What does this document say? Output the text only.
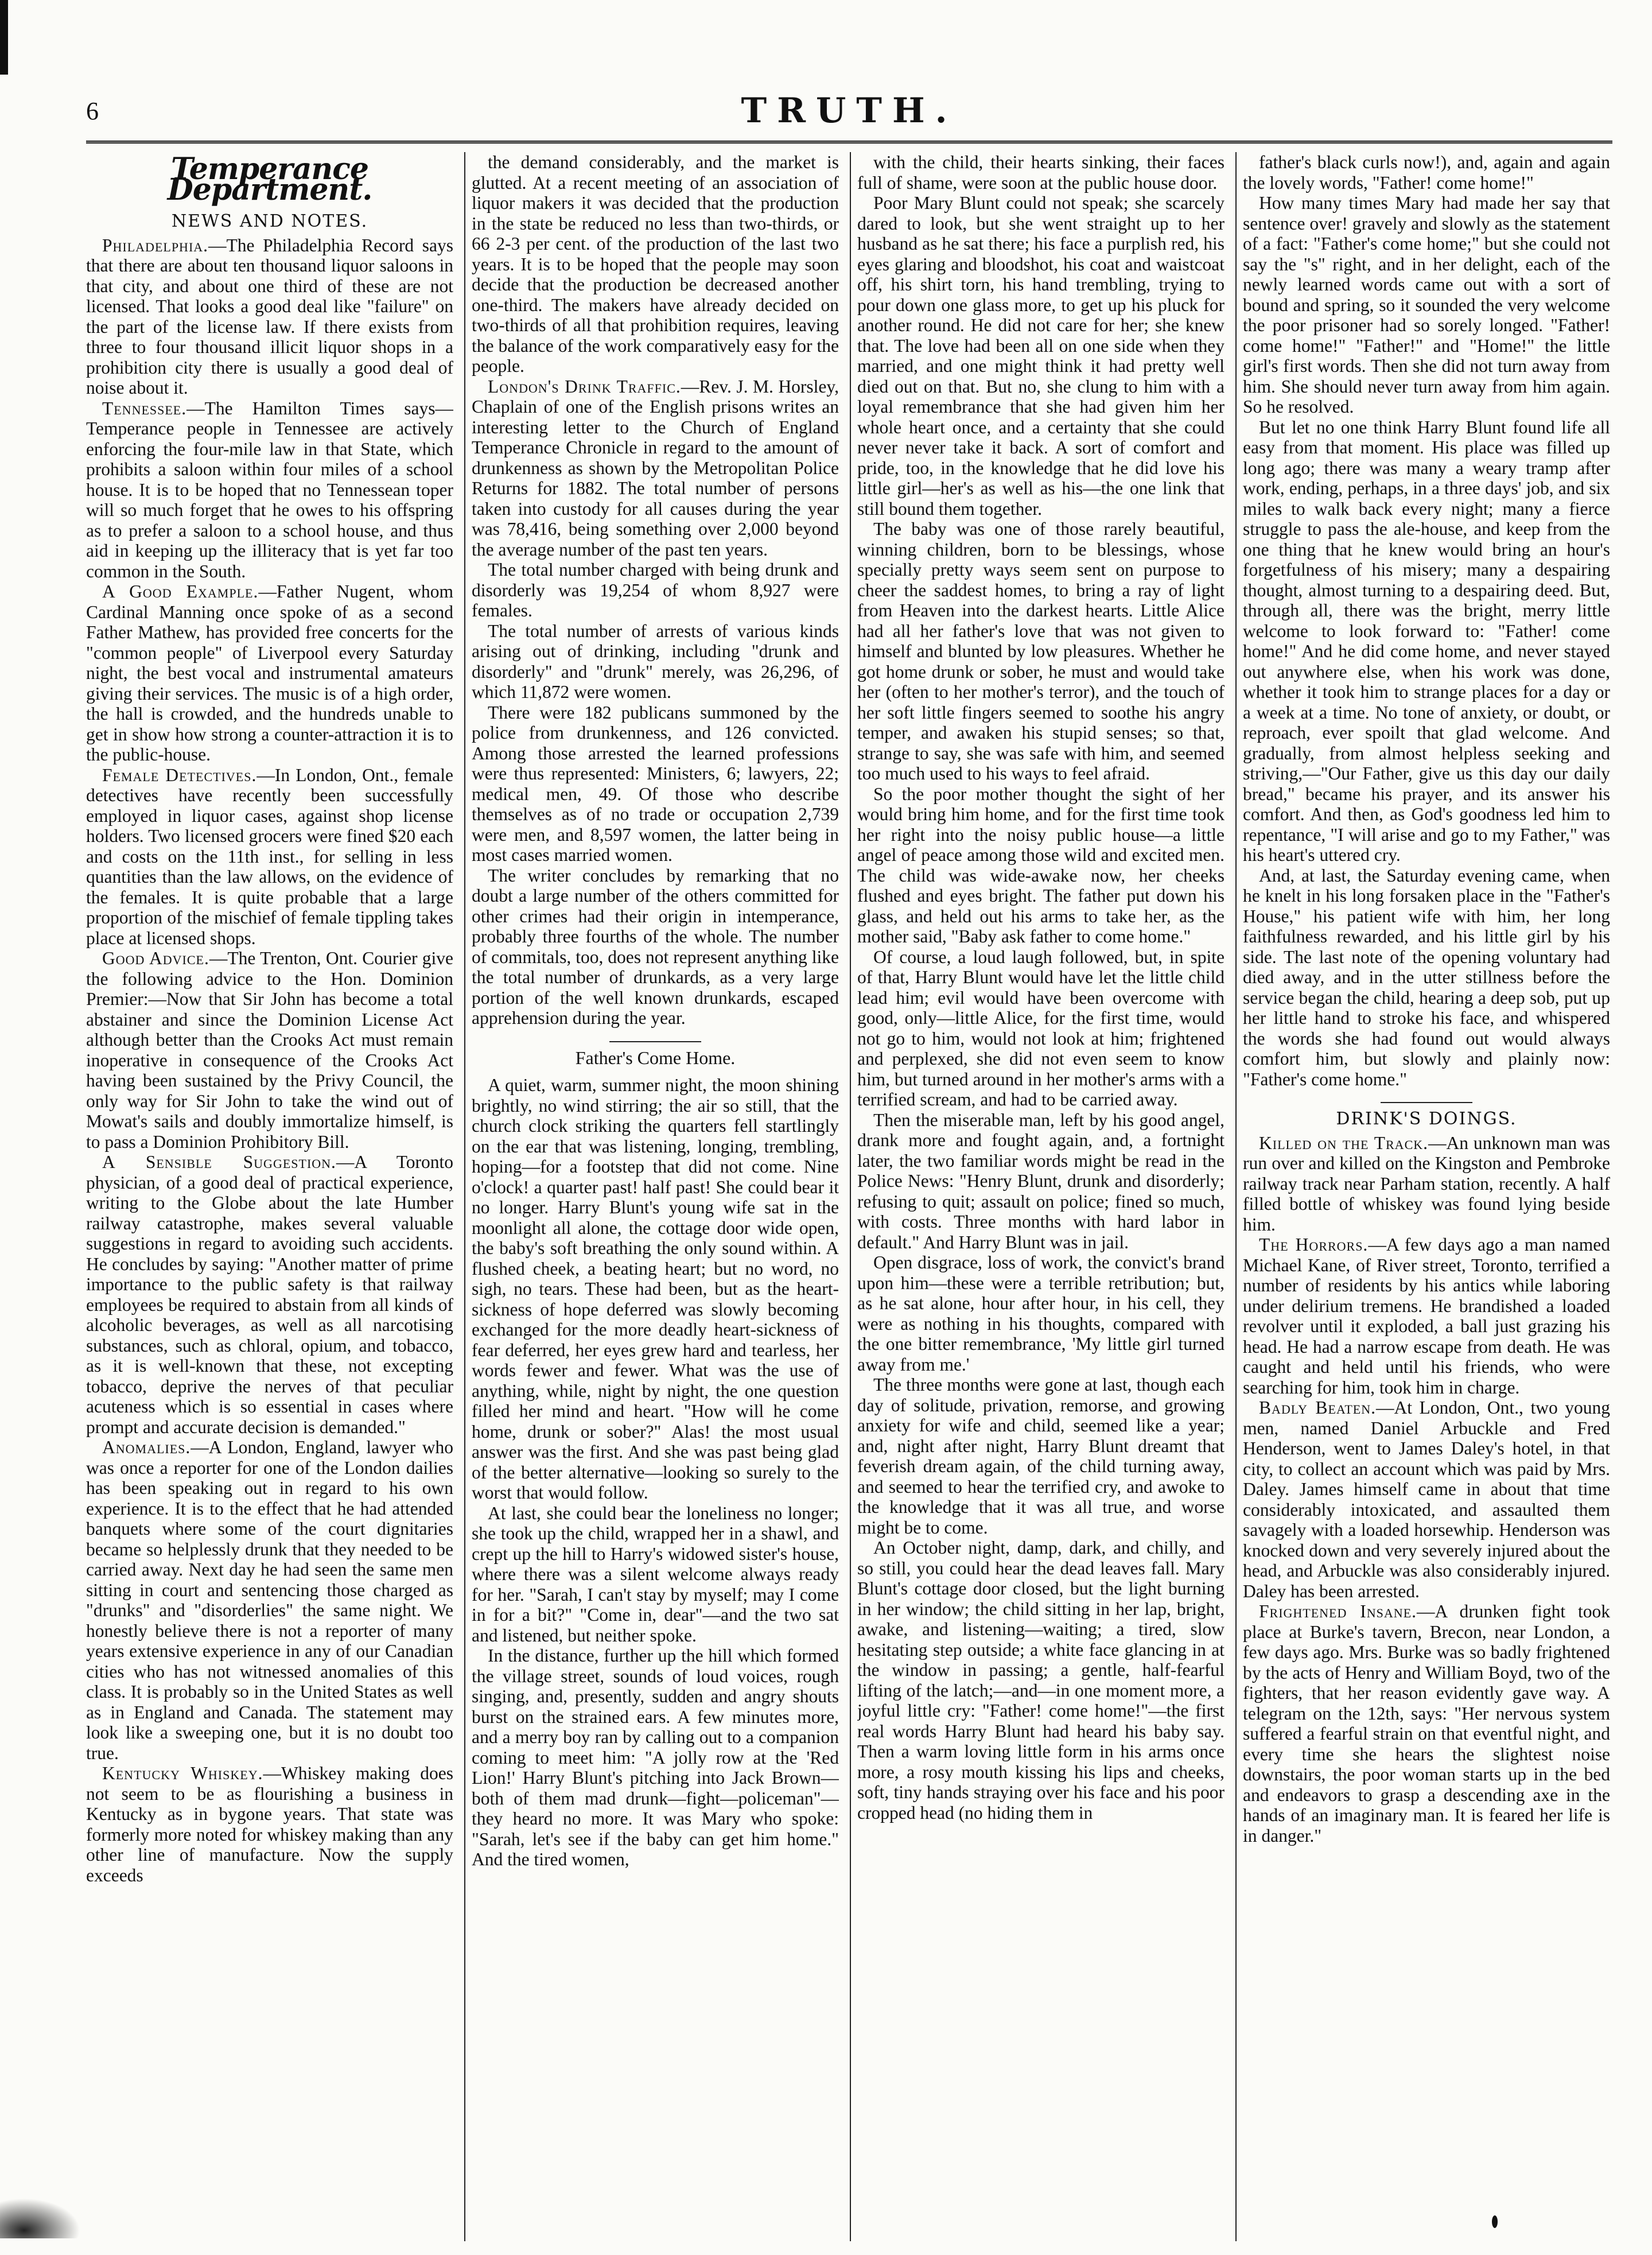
6	TRUTH.
Temperance Department.
NEWS AND NOTES.

Philadelphia.—The Philadelphia Record says that there are about ten thousand liquor saloons in that city, and about one third of these are not licensed. That looks a good deal like "failure" on the part of the license law. If there exists from three to four thousand illicit liquor shops in a prohibition city there is usually a good deal of noise about it.

Tennessee.—The Hamilton Times says—Temperance people in Tennessee are actively enforcing the four-mile law in that State, which prohibits a saloon within four miles of a school house. It is to be hoped that no Tennessean toper will so much forget that he owes to his offspring as to prefer a saloon to a school house, and thus aid in keeping up the illiteracy that is yet far too common in the South.

A Good Example.—Father Nugent, whom Cardinal Manning once spoke of as a second Father Mathew, has provided free concerts for the "common people" of Liverpool every Saturday night, the best vocal and instrumental amateurs giving their services. The music is of a high order, the hall is crowded, and the hundreds unable to get in show how strong a counter-attraction it is to the public-house.

Female Detectives.—In London, Ont., female detectives have recently been successfully employed in liquor cases, against shop license holders. Two licensed grocers were fined $20 each and costs on the 11th inst., for selling in less quantities than the law allows, on the evidence of the females. It is quite probable that a large proportion of the mischief of female tippling takes place at licensed shops.

Good Advice.—The Trenton, Ont. Courier give the following advice to the Hon. Dominion Premier:—Now that Sir John has become a total abstainer and since the Dominion License Act although better than the Crooks Act must remain inoperative in consequence of the Crooks Act having been sustained by the Privy Council, the only way for Sir John to take the wind out of Mowat's sails and doubly immortalize himself, is to pass a Dominion Prohibitory Bill.

A Sensible Suggestion.—A Toronto physician, of a good deal of practical experience, writing to the Globe about the late Humber railway catastrophe, makes several valuable suggestions in regard to avoiding such accidents. He concludes by saying: "Another matter of prime importance to the public safety is that railway employees be required to abstain from all kinds of alcoholic beverages, as well as all narcotising substances, such as chloral, opium, and tobacco, as it is well-known that these, not excepting tobacco, deprive the nerves of that peculiar acuteness which is so essential in cases where prompt and accurate decision is demanded."

Anomalies.—A London, England, lawyer who was once a reporter for one of the London dailies has been speaking out in regard to his own experience. It is to the effect that he had attended banquets where some of the court dignitaries became so helplessly drunk that they needed to be carried away. Next day he had seen the same men sitting in court and sentencing those charged as "drunks" and "disorderlies" the same night. We honestly believe there is not a reporter of many years extensive experience in any of our Canadian cities who has not witnessed anomalies of this class. It is probably so in the United States as well as in England and Canada. The statement may look like a sweeping one, but it is no doubt too true.

Kentucky Whiskey.—Whiskey making does not seem to be as flourishing a business in Kentucky as in bygone years. That state was formerly more noted for whiskey making than any other line of manufacture. Now the supply exceeds

the demand considerably, and the market is glutted. At a recent meeting of an association of liquor makers it was decided that the production in the state be reduced no less than two-thirds, or 66 2-3 per cent. of the production of the last two years. It is to be hoped that the people may soon decide that the production be decreased another one-third. The makers have already decided on two-thirds of all that prohibition requires, leaving the balance of the work comparatively easy for the people.

London's Drink Traffic.—Rev. J. M. Horsley, Chaplain of one of the English prisons writes an interesting letter to the Church of England Temperance Chronicle in regard to the amount of drunkenness as shown by the Metropolitan Police Returns for 1882. The total number of persons taken into custody for all causes during the year was 78,416, being something over 2,000 beyond the average number of the past ten years.

The total number charged with being drunk and disorderly was 19,254 of whom 8,927 were females.

The total number of arrests of various kinds arising out of drinking, including "drunk and disorderly" and "drunk" merely, was 26,296, of which 11,872 were women.

There were 182 publicans summoned by the police from drunkenness, and 126 convicted. Among those arrested the learned professions were thus represented: Ministers, 6; lawyers, 22; medical men, 49. Of those who describe themselves as of no trade or occupation 2,739 were men, and 8,597 women, the latter being in most cases married women.

The writer concludes by remarking that no doubt a large number of the others committed for other crimes had their origin in intemperance, probably three fourths of the whole. The number of commitals, too, does not represent anything like the total number of drunkards, as a very large portion of the well known drunkards, escaped apprehension during the year.

Father's Come Home.

A quiet, warm, summer night, the moon shining brightly, no wind stirring; the air so still, that the church clock striking the quarters fell startlingly on the ear that was listening, longing, trembling, hoping—for a footstep that did not come. Nine o'clock! a quarter past! half past! She could bear it no longer. Harry Blunt's young wife sat in the moonlight all alone, the cottage door wide open, the baby's soft breathing the only sound within. A flushed cheek, a beating heart; but no word, no sigh, no tears. These had been, but as the heart-sickness of hope deferred was slowly becoming exchanged for the more deadly heart-sickness of fear deferred, her eyes grew hard and tearless, her words fewer and fewer. What was the use of anything, while, night by night, the one question filled her mind and heart. "How will he come home, drunk or sober?" Alas! the most usual answer was the first. And she was past being glad of the better alternative—looking so surely to the worst that would follow.

At last, she could bear the loneliness no longer; she took up the child, wrapped her in a shawl, and crept up the hill to Harry's widowed sister's house, where there was a silent welcome always ready for her. "Sarah, I can't stay by myself; may I come in for a bit?" "Come in, dear"—and the two sat and listened, but neither spoke.

In the distance, further up the hill which formed the village street, sounds of loud voices, rough singing, and, presently, sudden and angry shouts burst on the strained ears. A few minutes more, and a merry boy ran by calling out to a companion coming to meet him: "A jolly row at the 'Red Lion!' Harry Blunt's pitching into Jack Brown—both of them mad drunk—fight—policeman"—they heard no more. It was Mary who spoke: "Sarah, let's see if the baby can get him home." And the tired women,

with the child, their hearts sinking, their faces full of shame, were soon at the public house door.

Poor Mary Blunt could not speak; she scarcely dared to look, but she went straight up to her husband as he sat there; his face a purplish red, his eyes glaring and bloodshot, his coat and waistcoat off, his shirt torn, his hand trembling, trying to pour down one glass more, to get up his pluck for another round. He did not care for her; she knew that. The love had been all on one side when they married, and one might think it had pretty well died out on that. But no, she clung to him with a loyal remembrance that she had given him her whole heart once, and a certainty that she could never never take it back. A sort of comfort and pride, too, in the knowledge that he did love his little girl—her's as well as his—the one link that still bound them together.

The baby was one of those rarely beautiful, winning children, born to be blessings, whose specially pretty ways seem sent on purpose to cheer the saddest homes, to bring a ray of light from Heaven into the darkest hearts. Little Alice had all her father's love that was not given to himself and blunted by low pleasures. Whether he got home drunk or sober, he must and would take her (often to her mother's terror), and the touch of her soft little fingers seemed to soothe his angry temper, and awaken his stupid senses; so that, strange to say, she was safe with him, and seemed too much used to his ways to feel afraid.

So the poor mother thought the sight of her would bring him home, and for the first time took her right into the noisy public house—a little angel of peace among those wild and excited men. The child was wide-awake now, her cheeks flushed and eyes bright. The father put down his glass, and held out his arms to take her, as the mother said, "Baby ask father to come home."

Of course, a loud laugh followed, but, in spite of that, Harry Blunt would have let the little child lead him; evil would have been overcome with good, only—little Alice, for the first time, would not go to him, would not look at him; frightened and perplexed, she did not even seem to know him, but turned around in her mother's arms with a terrified scream, and had to be carried away.

Then the miserable man, left by his good angel, drank more and fought again, and, a fortnight later, the two familiar words might be read in the Police News: "Henry Blunt, drunk and disorderly; refusing to quit; assault on police; fined so much, with costs. Three months with hard labor in default." And Harry Blunt was in jail.

Open disgrace, loss of work, the convict's brand upon him—these were a terrible retribution; but, as he sat alone, hour after hour, in his cell, they were as nothing in his thoughts, compared with the one bitter remembrance, 'My little girl turned away from me.'

The three months were gone at last, though each day of solitude, privation, remorse, and growing anxiety for wife and child, seemed like a year; and, night after night, Harry Blunt dreamt that feverish dream again, of the child turning away, and seemed to hear the terrified cry, and awoke to the knowledge that it was all true, and worse might be to come.

An October night, damp, dark, and chilly, and so still, you could hear the dead leaves fall. Mary Blunt's cottage door closed, but the light burning in her window; the child sitting in her lap, bright, awake, and listening—waiting; a tired, slow hesitating step outside; a white face glancing in at the window in passing; a gentle, half-fearful lifting of the latch;—and—in one moment more, a joyful little cry: "Father! come home!"—the first real words Harry Blunt had heard his baby say. Then a warm loving little form in his arms once more, a rosy mouth kissing his lips and cheeks, soft, tiny hands straying over his face and his poor cropped head (no hiding them in

father's black curls now!), and, again and again the lovely words, "Father! come home!"

How many times Mary had made her say that sentence over! gravely and slowly as the statement of a fact: "Father's come home;" but she could not say the "s" right, and in her delight, each of the newly learned words came out with a sort of bound and spring, so it sounded the very welcome the poor prisoner had so sorely longed. "Father! come home!" "Father!" and "Home!" the little girl's first words. Then she did not turn away from him. She should never turn away from him again. So he resolved.

But let no one think Harry Blunt found life all easy from that moment. His place was filled up long ago; there was many a weary tramp after work, ending, perhaps, in a three days' job, and six miles to walk back every night; many a fierce struggle to pass the ale-house, and keep from the one thing that he knew would bring an hour's forgetfulness of his misery; many a despairing thought, almost turning to a despairing deed. But, through all, there was the bright, merry little welcome to look forward to: "Father! come home!" And he did come home, and never stayed out anywhere else, when his work was done, whether it took him to strange places for a day or a week at a time. No tone of anxiety, or doubt, or reproach, ever spoilt that glad welcome. And gradually, from almost helpless seeking and striving,—"Our Father, give us this day our daily bread," became his prayer, and its answer his comfort. And then, as God's goodness led him to repentance, "I will arise and go to my Father," was his heart's uttered cry.

And, at last, the Saturday evening came, when he knelt in his long forsaken place in the "Father's House," his patient wife with him, her long faithfulness rewarded, and his little girl by his side. The last note of the opening voluntary had died away, and in the utter stillness before the service began the child, hearing a deep sob, put up her little hand to stroke his face, and whispered the words she had found out would always comfort him, but slowly and plainly now: "Father's come home."

DRINK'S DOINGS.

Killed on the Track.—An unknown man was run over and killed on the Kingston and Pembroke railway track near Parham station, recently. A half filled bottle of whiskey was found lying beside him.

The Horrors.—A few days ago a man named Michael Kane, of River street, Toronto, terrified a number of residents by his antics while laboring under delirium tremens. He brandished a loaded revolver until it exploded, a ball just grazing his head. He had a narrow escape from death. He was caught and held until his friends, who were searching for him, took him in charge.

Badly Beaten.—At London, Ont., two young men, named Daniel Arbuckle and Fred Henderson, went to James Daley's hotel, in that city, to collect an account which was paid by Mrs. Daley. James himself came in about that time considerably intoxicated, and assaulted them savagely with a loaded horsewhip. Henderson was knocked down and very severely injured about the head, and Arbuckle was also considerably injured. Daley has been arrested.

Frightened Insane.—A drunken fight took place at Burke's tavern, Brecon, near London, a few days ago. Mrs. Burke was so badly frightened by the acts of Henry and William Boyd, two of the fighters, that her reason evidently gave way. A telegram on the 12th, says: "Her nervous system suffered a fearful strain on that eventful night, and every time she hears the slightest noise downstairs, the poor woman starts up in the bed and endeavors to grasp a descending axe in the hands of an imaginary man. It is feared her life is in danger."
